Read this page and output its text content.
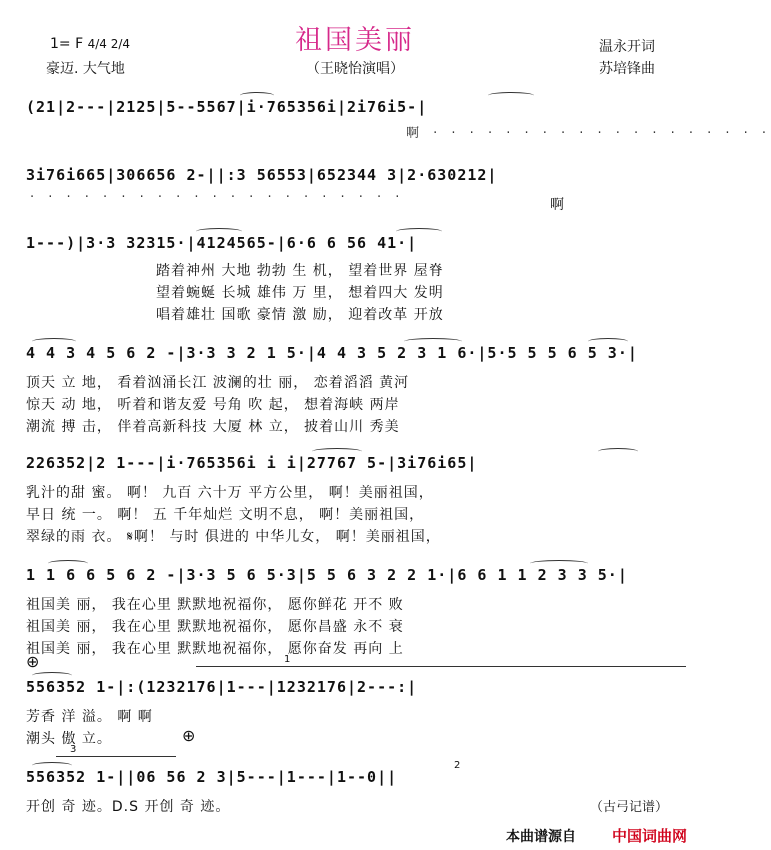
祖国美丽
（王晓怡演唱）
1= F 4/4 2/4
豪迈. 大气地
温永开词
苏培锋曲
(21|2---|2125|5--5567|i·765356i|2i76i5-|
啊 · · · · · · · · · · · · · · · · · · ·
3i76i665|306656 2-||:3 56553|652344 3|2·630212|
· · · · · · · · · · · · · · · · · · · · ·	啊
1---)|3·3 32315·|4124565-|6·6 6 56 41·|
踏着神州 大地 勃勃 生 机， 望着世界 屋脊
望着蜿蜒 长城 雄伟 万 里， 想着四大 发明
唱着雄壮 国歌 豪情 激 励， 迎着改革 开放
4 4 3 4 5 6 2 -|3·3 3 2 1 5·|4 4 3 5 2 3 1 6·|5·5 5 5 6 5 3·|
顶天 立 地， 看着汹涌长江 波澜的壮 丽， 恋着滔滔 黄河
惊天 动 地， 听着和谐友爱 号角 吹 起， 想着海峡 两岸
潮流 搏 击， 伴着高新科技 大厦 林 立， 披着山川 秀美
226352|2 1---|i·765356i i i|27767 5-|3i76i65|
乳汁的甜 蜜。 啊！ 九百 六十万 平方公里， 啊！美丽祖国，
早日 统 一。 啊！ 五 千年灿烂 文明不息， 啊！美丽祖国，
翠绿的雨 衣。 𝄋啊！ 与时 俱进的 中华儿女， 啊！美丽祖国，
1 1 6 6 5 6 2 -|3·3 5 6 5·3|5 5 6 3 2 2 1·|6 6 1 1 2 3 3 5·|
祖国美 丽， 我在心里 默默地祝福你， 愿你鲜花 开不 败
祖国美 丽， 我在心里 默默地祝福你， 愿你昌盛 永不 衰
祖国美 丽， 我在心里 默默地祝福你， 愿你奋发 再向 上
⊕	1
556352 1-|:(1232176|1---|1232176|2---:|
芳香 洋 溢。 啊 啊
潮头 傲 立。	⊕
3
2
556352 1-||06 56 2 3|5---|1---|1--0||
开创 奇 迹。D.S 开创 奇 迹。	（古弓记谱）
本曲谱源自 中国词曲网
